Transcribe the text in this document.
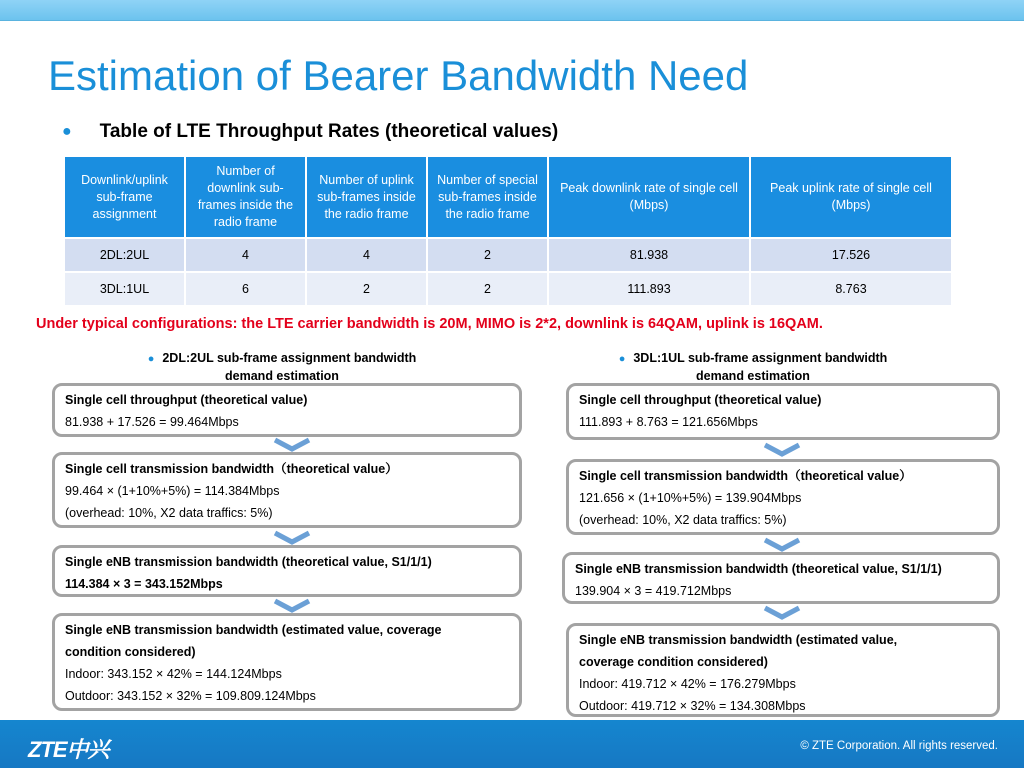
Estimation of Bearer Bandwidth Need
● Table of LTE Throughput Rates (theoretical values)
Downlink/uplink sub-frame assignment	Number of downlink sub-frames inside the radio frame	Number of uplink sub-frames inside the radio frame	Number of special sub-frames inside the radio frame	Peak downlink rate of single cell (Mbps)	Peak uplink rate of single cell (Mbps)
2DL:2UL	4	4	2	81.938	17.526
3DL:1UL	6	2	2	111.893	8.763
Under typical configurations: the LTE carrier bandwidth is 20M, MIMO is 2*2, downlink is 64QAM, uplink is 16QAM.
● 2DL:2UL sub-frame assignment bandwidth
demand estimation
Single cell throughput (theoretical value)
81.938 + 17.526 = 99.464Mbps
Single cell transmission bandwidth（theoretical value）
99.464 × (1+10%+5%) = 114.384Mbps
(overhead: 10%, X2 data traffics: 5%)
Single eNB transmission bandwidth (theoretical value, S1/1/1)
114.384 × 3 = 343.152Mbps
Single eNB transmission bandwidth (estimated value, coverage
condition considered)
Indoor: 343.152 × 42% = 144.124Mbps
Outdoor: 343.152 × 32% = 109.809.124Mbps
● 3DL:1UL sub-frame assignment bandwidth
demand estimation
Single cell throughput (theoretical value)
111.893 + 8.763 = 121.656Mbps
Single cell transmission bandwidth（theoretical value）
121.656 × (1+10%+5%) = 139.904Mbps
(overhead: 10%, X2 data traffics: 5%)
Single eNB transmission bandwidth (theoretical value, S1/1/1)
139.904 × 3 = 419.712Mbps
Single eNB transmission bandwidth (estimated value,
coverage condition considered)
Indoor: 419.712 × 42% = 176.279Mbps
Outdoor: 419.712 × 32% = 134.308Mbps
ZTE中兴	© ZTE Corporation. All rights reserved.
